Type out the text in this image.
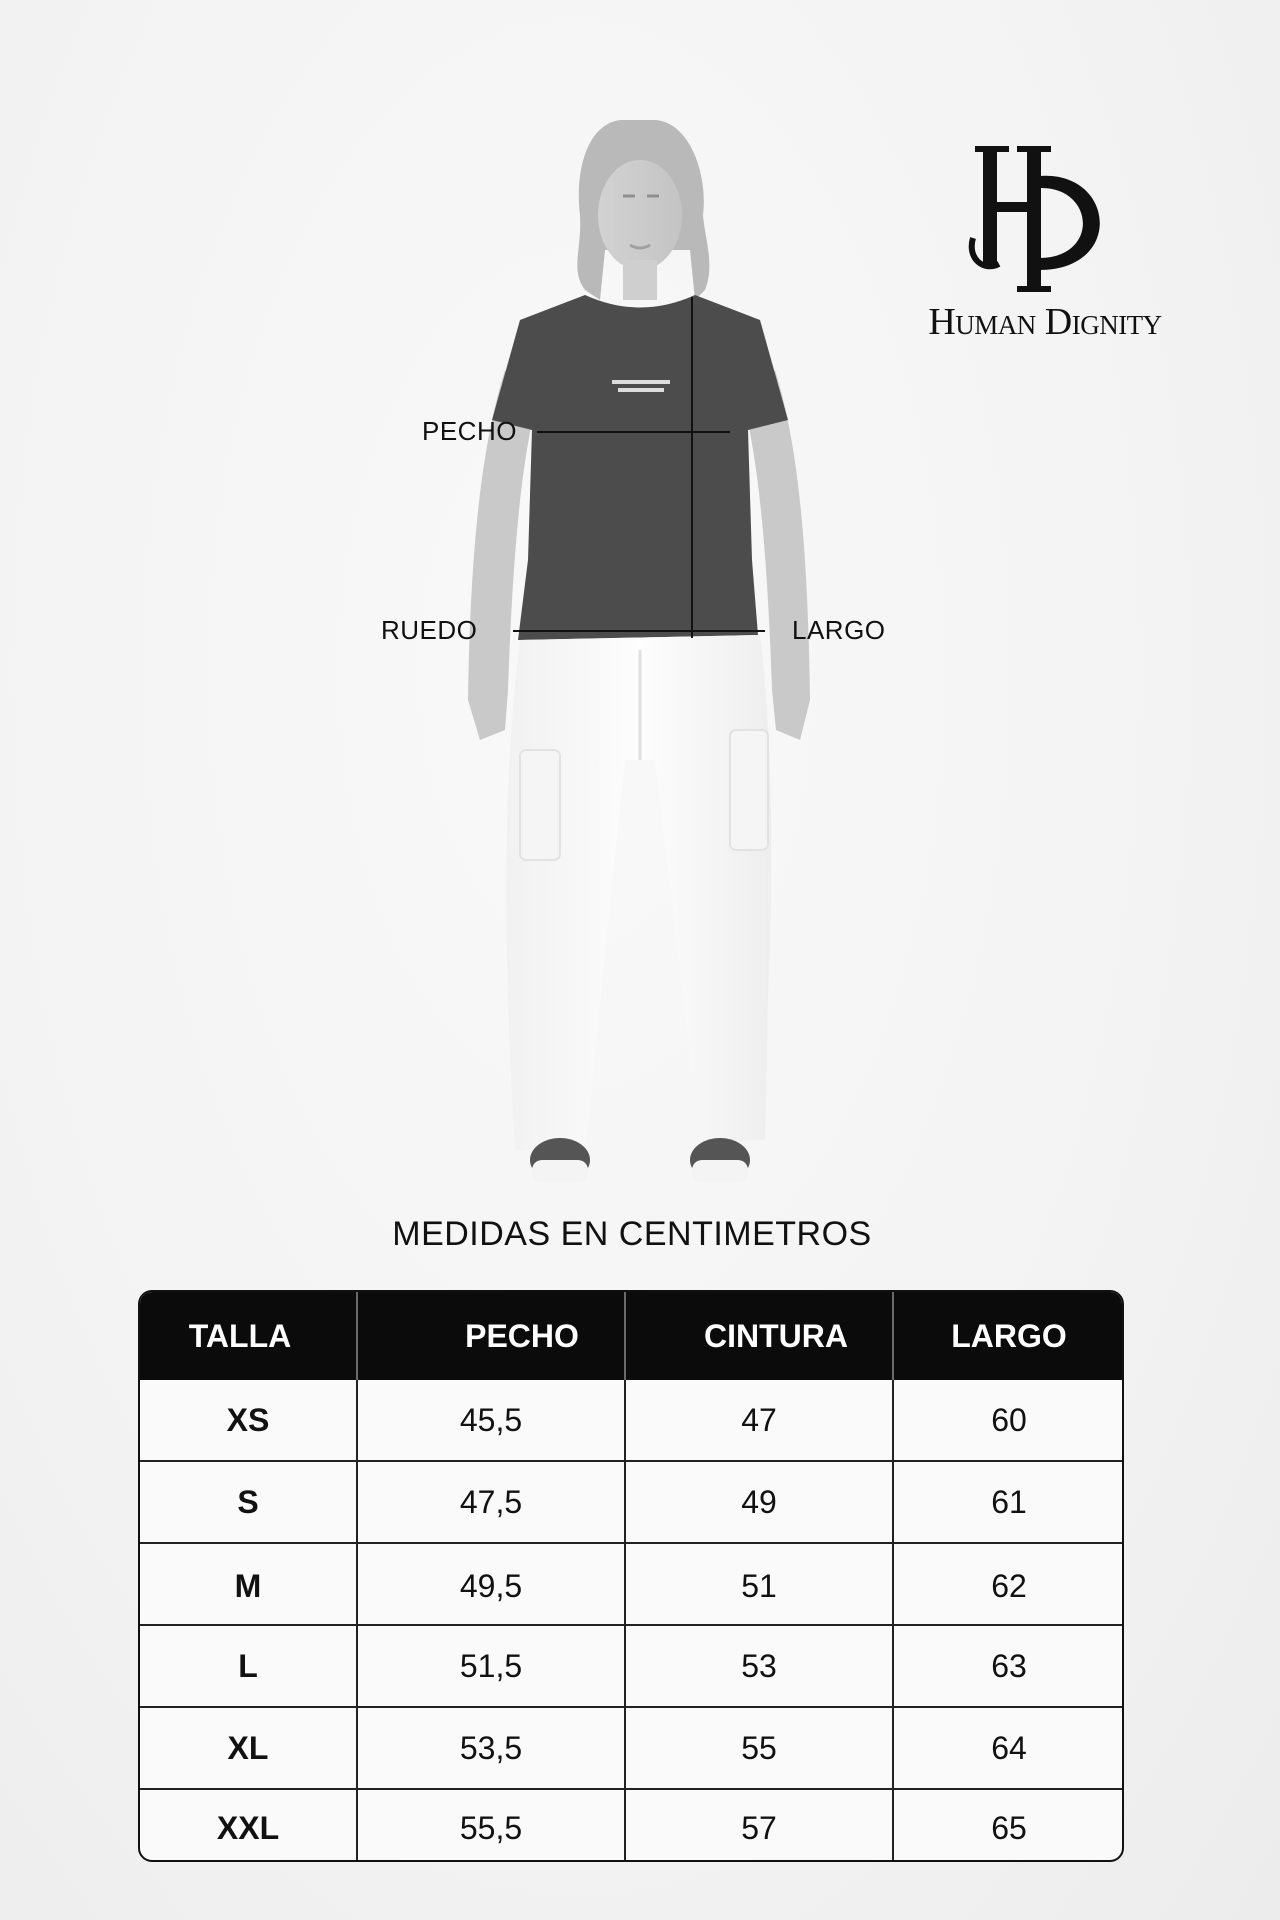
PECHO
RUEDO	LARGO
Human Dignity
MEDIDAS EN CENTIMETROS
TALLA	PECHO	CINTURA	LARGO
XS	45,5	47	60
S	47,5	49	61
M	49,5	51	62
L	51,5	53	63
XL	53,5	55	64
XXL	55,5	57	65
